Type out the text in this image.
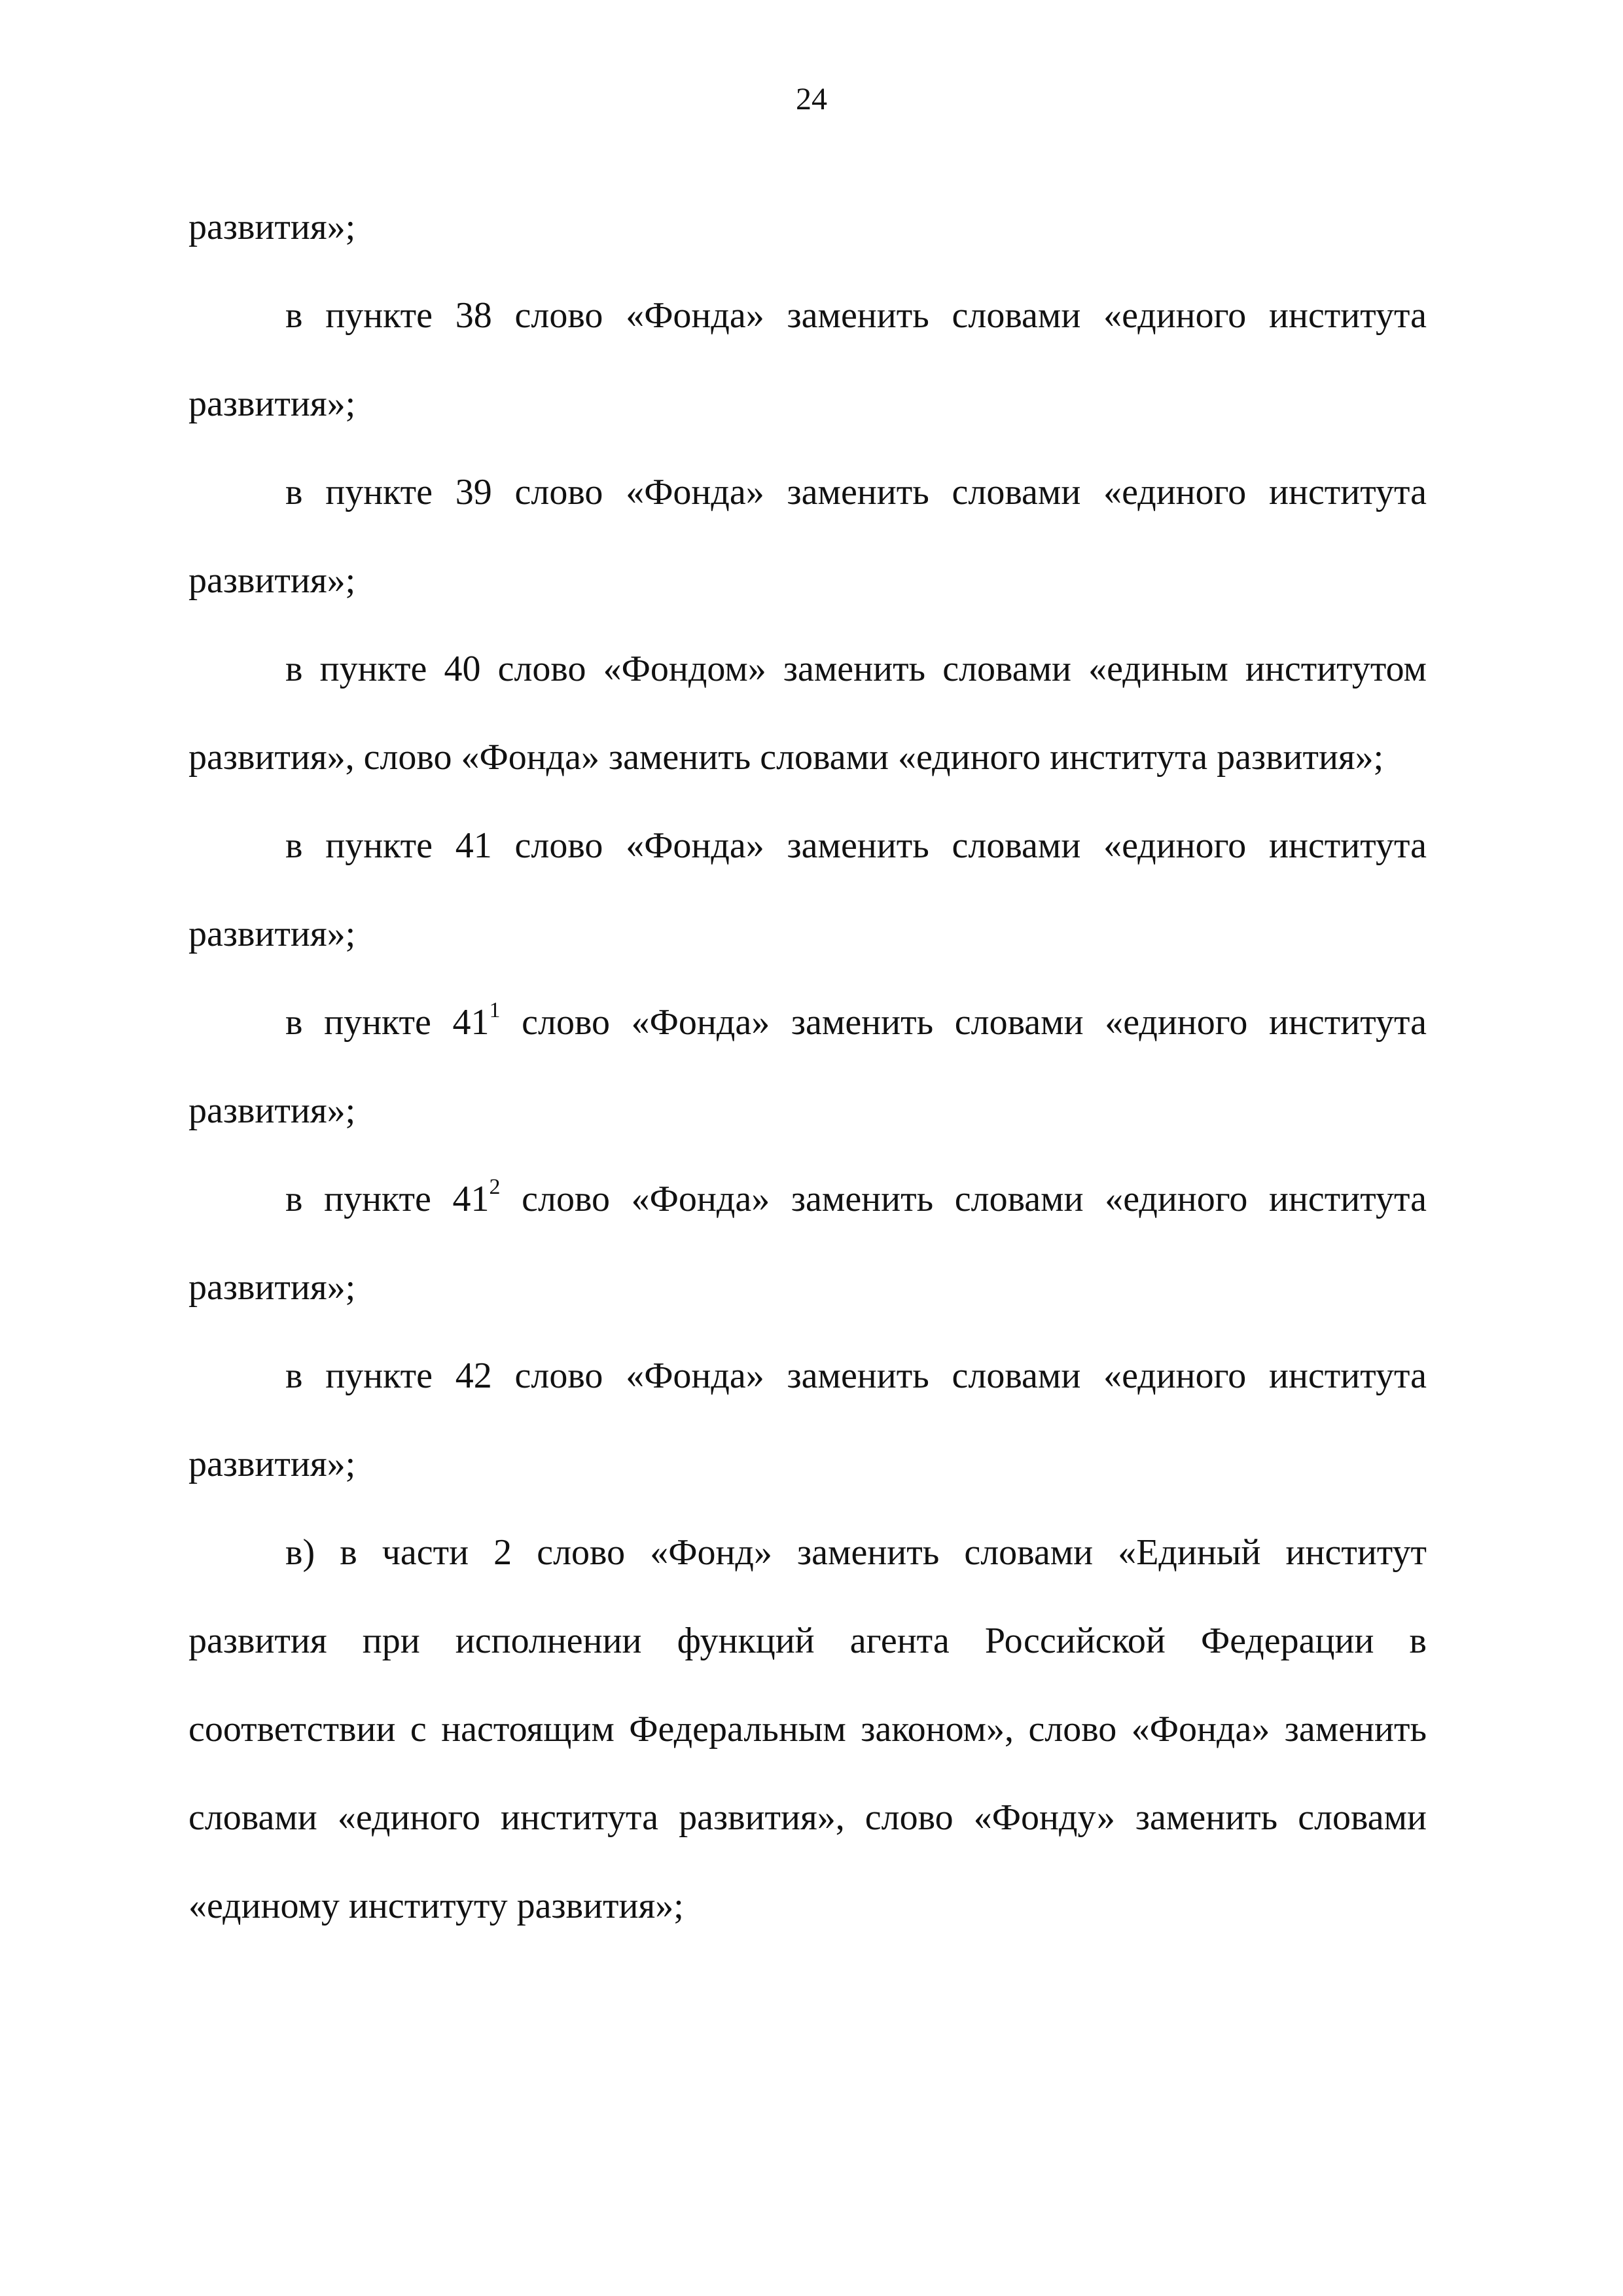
24

развития»;

в пункте 38 слово «Фонда» заменить словами «единого института развития»;

в пункте 39 слово «Фонда» заменить словами «единого института развития»;

в пункте 40 слово «Фондом» заменить словами «единым институтом развития», слово «Фонда» заменить словами «единого института развития»;

в пункте 41 слово «Фонда» заменить словами «единого института развития»;

в пункте $41^1$ слово «Фонда» заменить словами «единого института развития»;

в пункте $41^2$ слово «Фонда» заменить словами «единого института развития»;

в пункте 42 слово «Фонда» заменить словами «единого института развития»;

в) в части 2 слово «Фонд» заменить словами «Единый институт развития при исполнении функций агента Российской Федерации в соответствии с настоящим Федеральным законом», слово «Фонда» заменить словами «единого института развития», слово «Фонду» заменить словами «единому институту развития»;
